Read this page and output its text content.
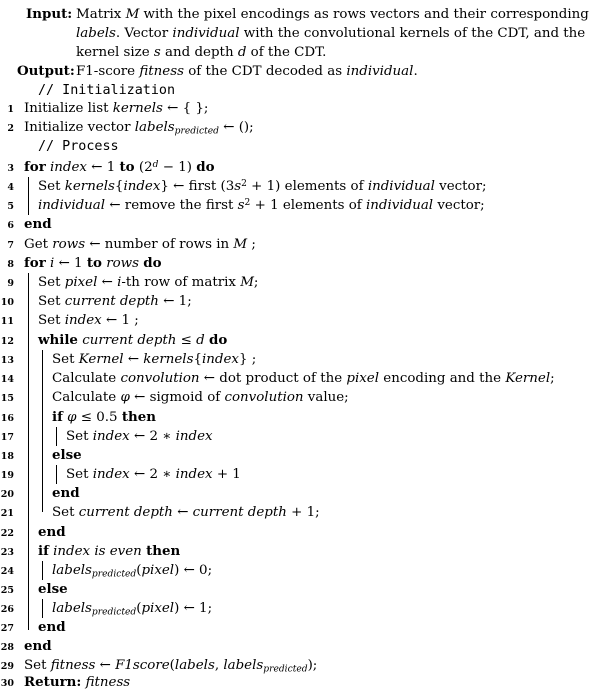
Input: Matrix M with the pixel encodings as rows vectors and their corresponding
labels. Vector individual with the convolutional kernels of the CDT, and the
kernel size s and depth d of the CDT.
Output: F1-score fitness of the CDT decoded as individual.
// Initialization
1 Initialize list kernels ← { };
2 Initialize vector labels$_{predicted}$ ← ();
// Process
3 for index ← 1 to $(2^d - 1)$ do
4 Set kernels{index} ← first $(3s^2 + 1)$ elements of individual vector;
5 individual ← remove the first $s^2 + 1$ elements of individual vector;
6 end
7 Get rows ← number of rows in M ;
8 for i ← 1 to rows do
9 Set pixel ← i-th row of matrix M;
10 Set current depth ← 1;
11 Set index ← 1 ;
12 while current depth ≤ d do
13	Set Kernel ← kernels{index} ;
14	Calculate convolution ← dot product of the pixel encoding and the Kernel;
15	Calculate φ ← sigmoid of convolution value;
16	if φ ≤ 0.5 then
17	Set index ← 2 ∗ index
18	else
19	Set index ← 2 ∗ index + 1
20	end
21	Set current depth ← current depth + 1;
22 end
23 if index is even then
24	labels$_{predicted}$(pixel) ← 0;
25 else
26	labels$_{predicted}$(pixel) ← 1;
27 end
28 end
29 Set fitness ← F1score(labels, labels$_{predicted}$);
30 Return: fitness
